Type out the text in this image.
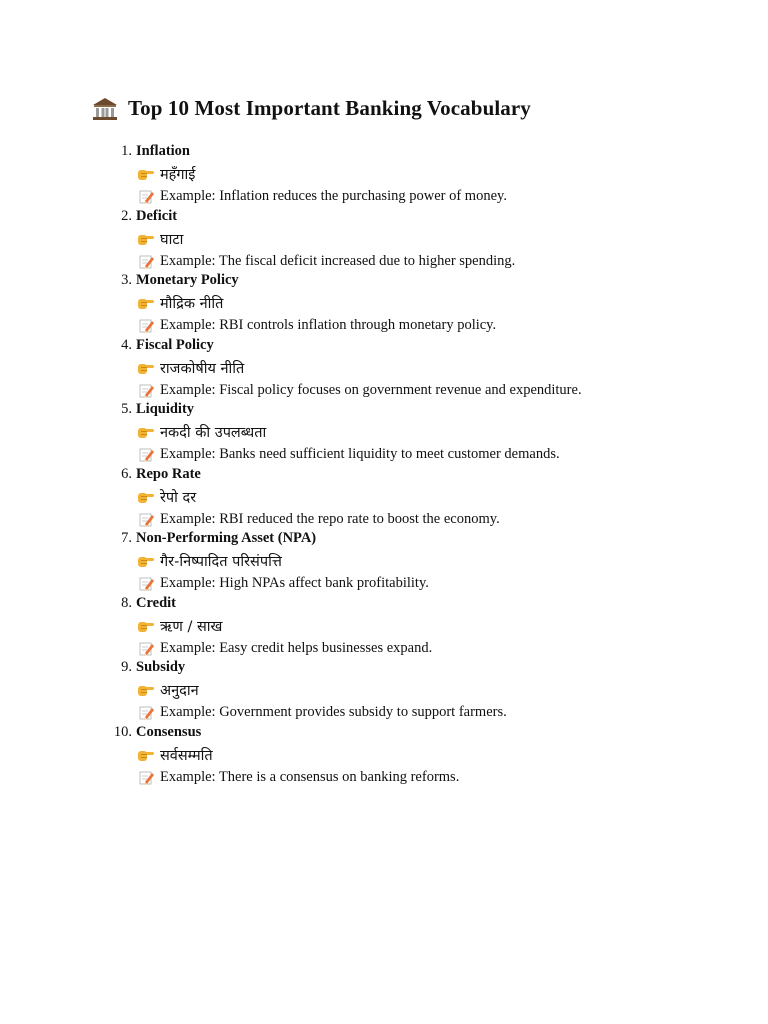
Top 10 Most Important Banking Vocabulary
1. Inflation
महँगाई
Example: Inflation reduces the purchasing power of money.
2. Deficit
घाटा
Example: The fiscal deficit increased due to higher spending.
3. Monetary Policy
मौद्रिक नीति
Example: RBI controls inflation through monetary policy.
4. Fiscal Policy
राजकोषीय नीति
Example: Fiscal policy focuses on government revenue and expenditure.
5. Liquidity
नकदी की उपलब्धता
Example: Banks need sufficient liquidity to meet customer demands.
6. Repo Rate
रेपो दर
Example: RBI reduced the repo rate to boost the economy.
7. Non-Performing Asset (NPA)
गैर-निष्पादित परिसंपत्ति
Example: High NPAs affect bank profitability.
8. Credit
ऋण / साख
Example: Easy credit helps businesses expand.
9. Subsidy
अनुदान
Example: Government provides subsidy to support farmers.
10. Consensus
सर्वसम्मति
Example: There is a consensus on banking reforms.
